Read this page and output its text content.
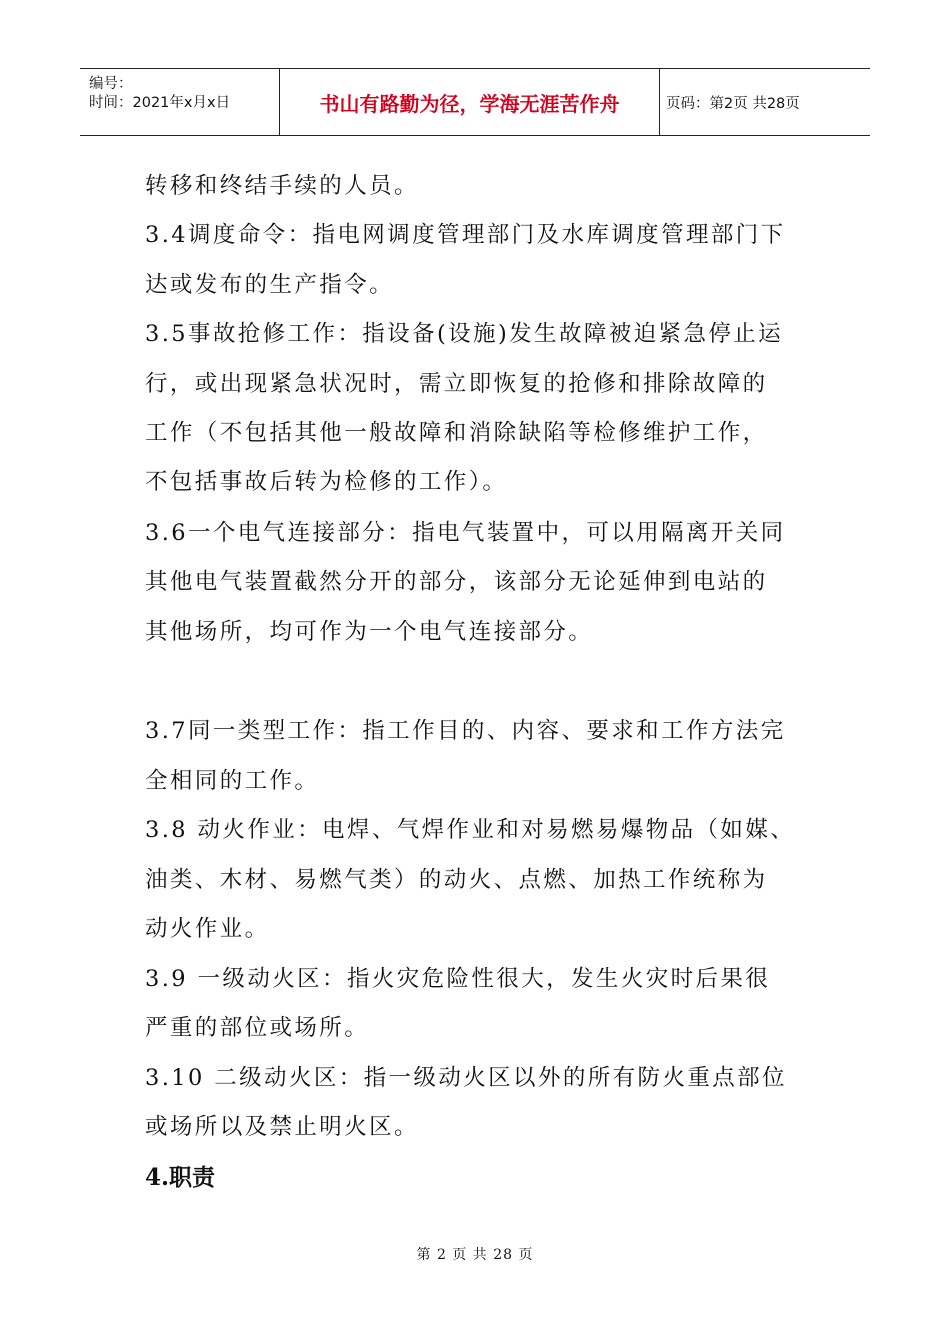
编号：
时间：2021年x月x日	书山有路勤为径，学海无涯苦作舟	页码：第2页 共28页
转移和终结手续的人员。
3.4调度命令：指电网调度管理部门及水库调度管理部门下
达或发布的生产指令。
3.5事故抢修工作：指设备(设施)发生故障被迫紧急停止运
行，或出现紧急状况时，需立即恢复的抢修和排除故障的
工作（不包括其他一般故障和消除缺陷等检修维护工作，
不包括事故后转为检修的工作）。
3.6一个电气连接部分：指电气装置中，可以用隔离开关同
其他电气装置截然分开的部分，该部分无论延伸到电站的
其他场所，均可作为一个电气连接部分。
3.7同一类型工作：指工作目的、内容、要求和工作方法完
全相同的工作。
3.8 动火作业：电焊、气焊作业和对易燃易爆物品（如媒、
油类、木材、易燃气类）的动火、点燃、加热工作统称为
动火作业。
3.9 一级动火区：指火灾危险性很大，发生火灾时后果很
严重的部位或场所。
3.10 二级动火区：指一级动火区以外的所有防火重点部位
或场所以及禁止明火区。
4.职责
第 2 页 共 28 页
